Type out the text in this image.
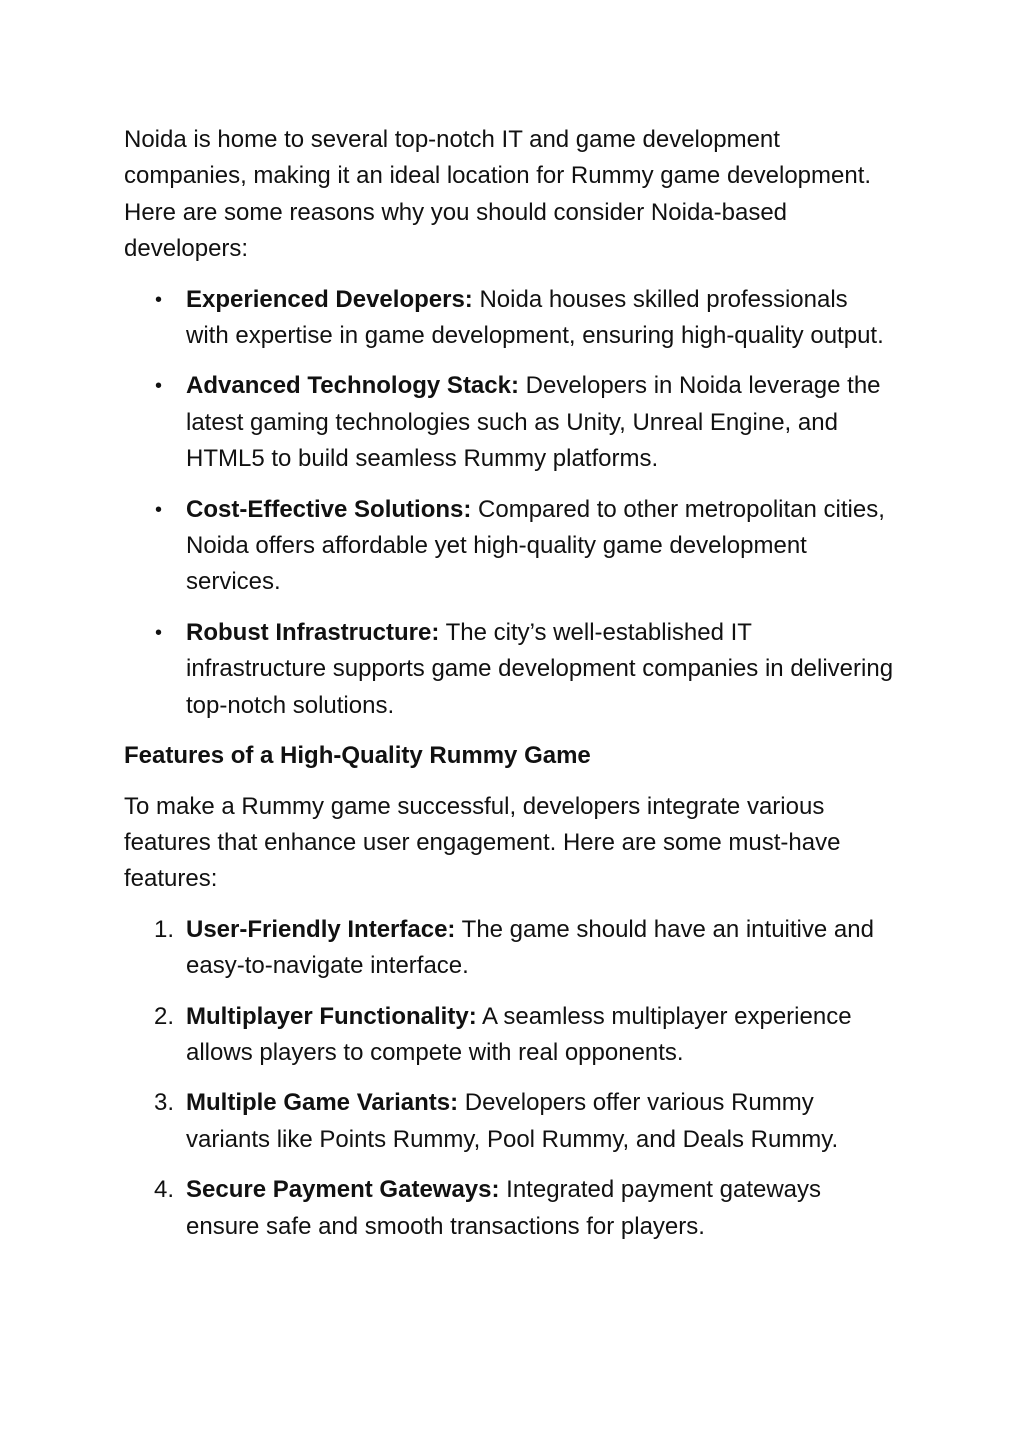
Noida is home to several top-notch IT and game development companies, making it an ideal location for Rummy game development. Here are some reasons why you should consider Noida-based developers:

• Experienced Developers: Noida houses skilled professionals with expertise in game development, ensuring high-quality output.
• Advanced Technology Stack: Developers in Noida leverage the latest gaming technologies such as Unity, Unreal Engine, and HTML5 to build seamless Rummy platforms.
• Cost-Effective Solutions: Compared to other metropolitan cities, Noida offers affordable yet high-quality game development services.
• Robust Infrastructure: The city’s well-established IT infrastructure supports game development companies in delivering top-notch solutions.
Features of a High-Quality Rummy Game

To make a Rummy game successful, developers integrate various features that enhance user engagement. Here are some must-have features:

1. User-Friendly Interface: The game should have an intuitive and easy-to-navigate interface.
2. Multiplayer Functionality: A seamless multiplayer experience allows players to compete with real opponents.
3. Multiple Game Variants: Developers offer various Rummy variants like Points Rummy, Pool Rummy, and Deals Rummy.
4. Secure Payment Gateways: Integrated payment gateways ensure safe and smooth transactions for players.
